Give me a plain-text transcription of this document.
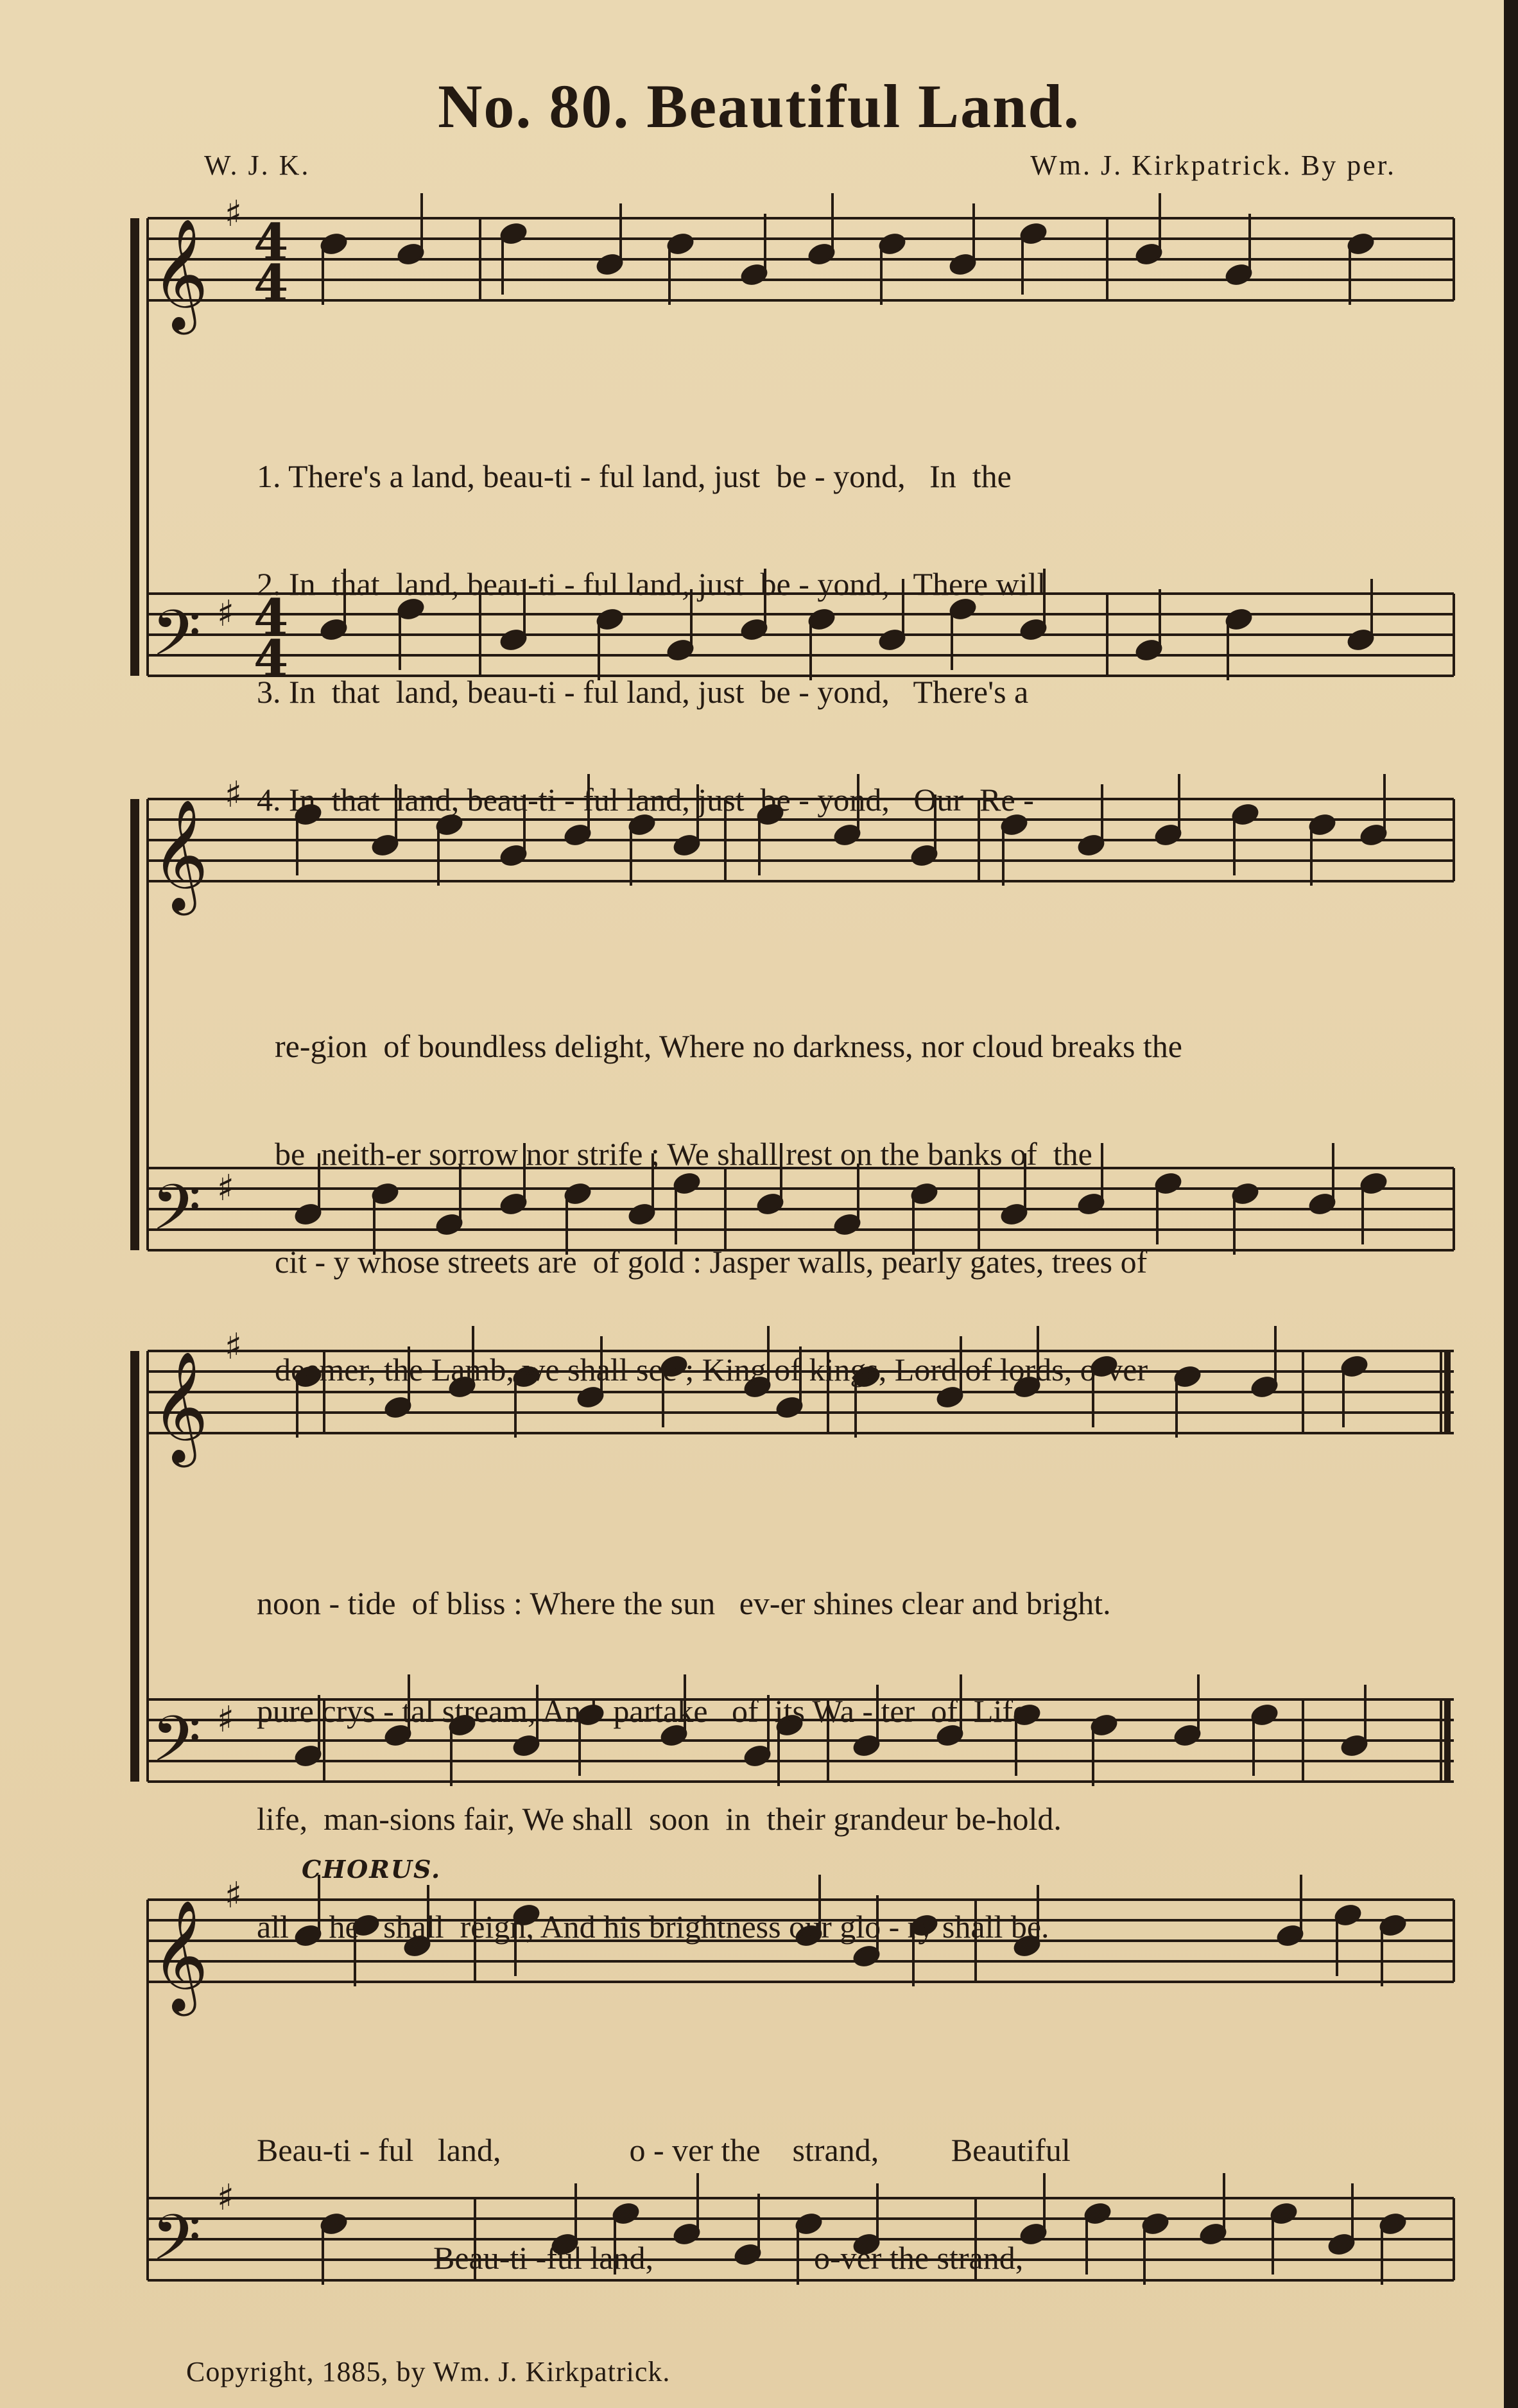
No. 80. Beautiful Land.
W. J. K.	Wm. J. Kirkpatrick. By per.
𝄞
𝄢
𝄞
𝄢
𝄞
𝄢
𝄞
𝄢
♯
♯
♯
♯
♯
♯
♯
♯
4
4
4
4

1. There's a land, beau-ti - ful land, just  be - yond,   In  the

2. In  that  land, beau-ti - ful land, just  be - yond,   There will

3. In  that  land, beau-ti - ful land, just  be - yond,   There's a

4. In  that  land, beau-ti - ful land, just  be - yond,   Our  Re -

re-gion  of boundless delight, Where no darkness, nor cloud breaks the

be  neith-er sorrow nor strife ; We shall rest on the banks of  the

cit - y whose streets are  of gold : Jasper walls, pearly gates, trees of

deemer, the Lamb, we shall see ; King of kings, Lord of lords, o-ver

noon - tide  of bliss : Where the sun   ev-er shines clear and bright.

pure crys - tal stream, And  partake   of  its Wa - ter  of  Life.

life,  man-sions fair, We shall  soon  in  their grandeur be-hold.

all     he   shall  reign, And his brightness our glo - ry shall be.

CHORUS.

Beau-ti - ful   land,                o - ver the    strand,         Beautiful

Beau-ti -ful land,                    o-ver the strand,

Copyright, 1885, by Wm. J. Kirkpatrick.
